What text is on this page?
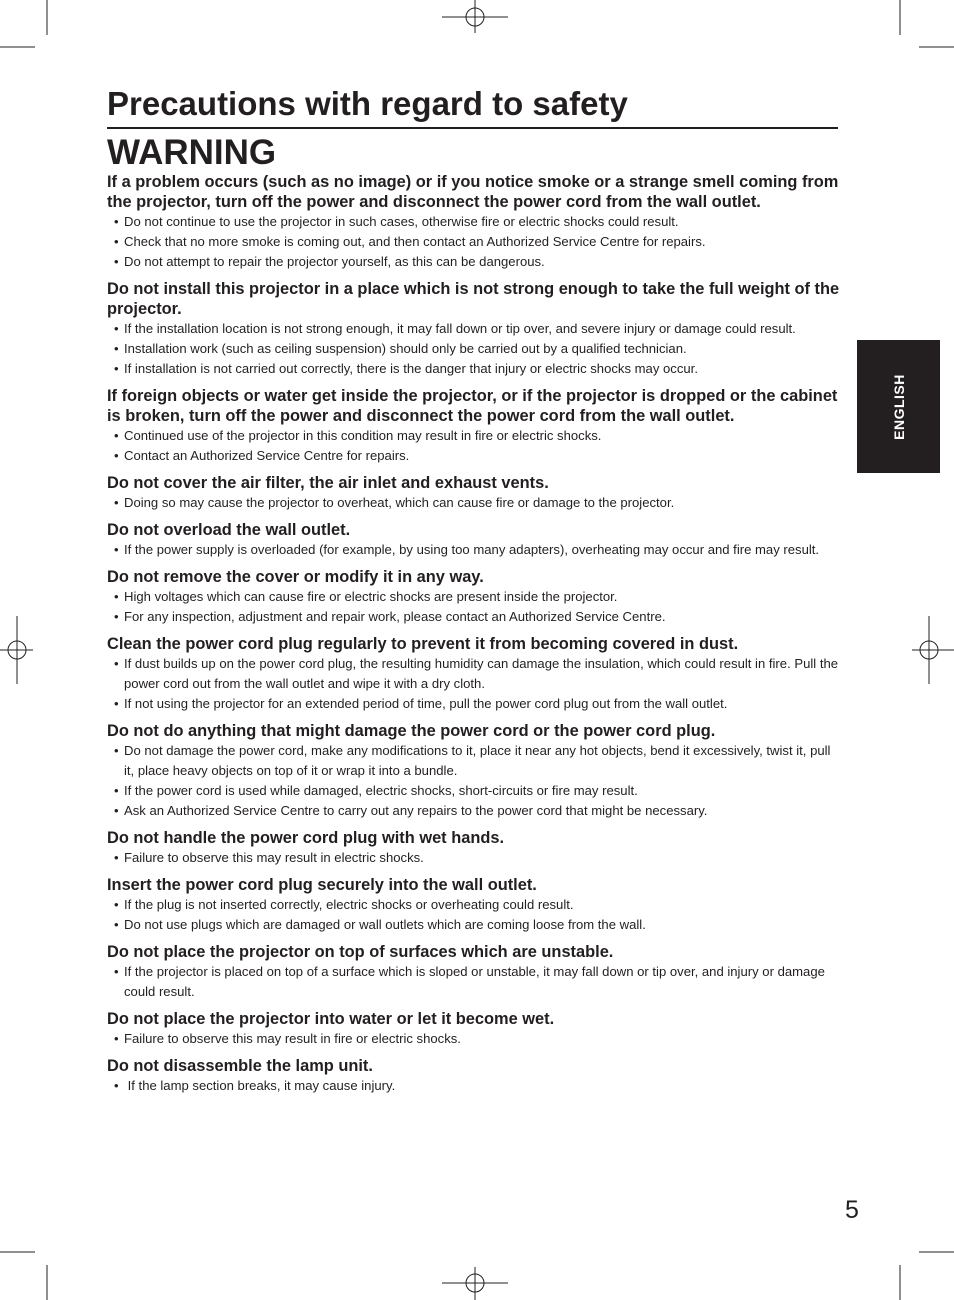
Precautions with regard to safety
WARNING
If a problem occurs (such as no image) or if you notice smoke or a strange smell coming from the projector, turn off the power and disconnect the power cord from the wall outlet.
• Do not continue to use the projector in such cases, otherwise fire or electric shocks could result.
• Check that no more smoke is coming out, and then contact an Authorized Service Centre for repairs.
• Do not attempt to repair the projector yourself, as this can be dangerous.
Do not install this projector in a place which is not strong enough to take the full weight of the projector.
• If the installation location is not strong enough, it may fall down or tip over, and severe injury or damage could result.
• Installation work (such as ceiling suspension) should only be carried out by a qualified technician.
• If installation is not carried out correctly, there is the danger that injury or electric shocks may occur.
If foreign objects or water get inside the projector, or if the projector is dropped or the cabinet is broken, turn off the power and disconnect the power cord from the wall outlet.
• Continued use of the projector in this condition may result in fire or electric shocks.
• Contact an Authorized Service Centre for repairs.
Do not cover the air filter, the air inlet and exhaust vents.
• Doing so may cause the projector to overheat, which can cause fire or damage to the projector.
Do not overload the wall outlet.
• If the power supply is overloaded (for example, by using too many adapters), overheating may occur and fire may result.
Do not remove the cover or modify it in any way.
• High voltages which can cause fire or electric shocks are present inside the projector.
• For any inspection, adjustment and repair work, please contact an Authorized Service Centre.
Clean the power cord plug regularly to prevent it from becoming covered in dust.
• If dust builds up on the power cord plug, the resulting humidity can damage the insulation, which could result in fire. Pull the power cord out from the wall outlet and wipe it with a dry cloth.
• If not using the projector for an extended period of time, pull the power cord plug out from the wall outlet.
Do not do anything that might damage the power cord or the power cord plug.
• Do not damage the power cord, make any modifications to it, place it near any hot objects, bend it excessively, twist it, pull it, place heavy objects on top of it or wrap it into a bundle.
• If the power cord is used while damaged, electric shocks, short-circuits or fire may result.
• Ask an Authorized Service Centre to carry out any repairs to the power cord that might be necessary.
Do not handle the power cord plug with wet hands.
• Failure to observe this may result in electric shocks.
Insert the power cord plug securely into the wall outlet.
• If the plug is not inserted correctly, electric shocks or overheating could result.
• Do not use plugs which are damaged or wall outlets which are coming loose from the wall.
Do not place the projector on top of surfaces which are unstable.
• If the projector is placed on top of a surface which is sloped or unstable, it may fall down or tip over, and injury or damage could result.
Do not place the projector into water or let it become wet.
• Failure to observe this may result in fire or electric shocks.
Do not disassemble the lamp unit.
• If the lamp section breaks, it may cause injury.
ENGLISH
5
